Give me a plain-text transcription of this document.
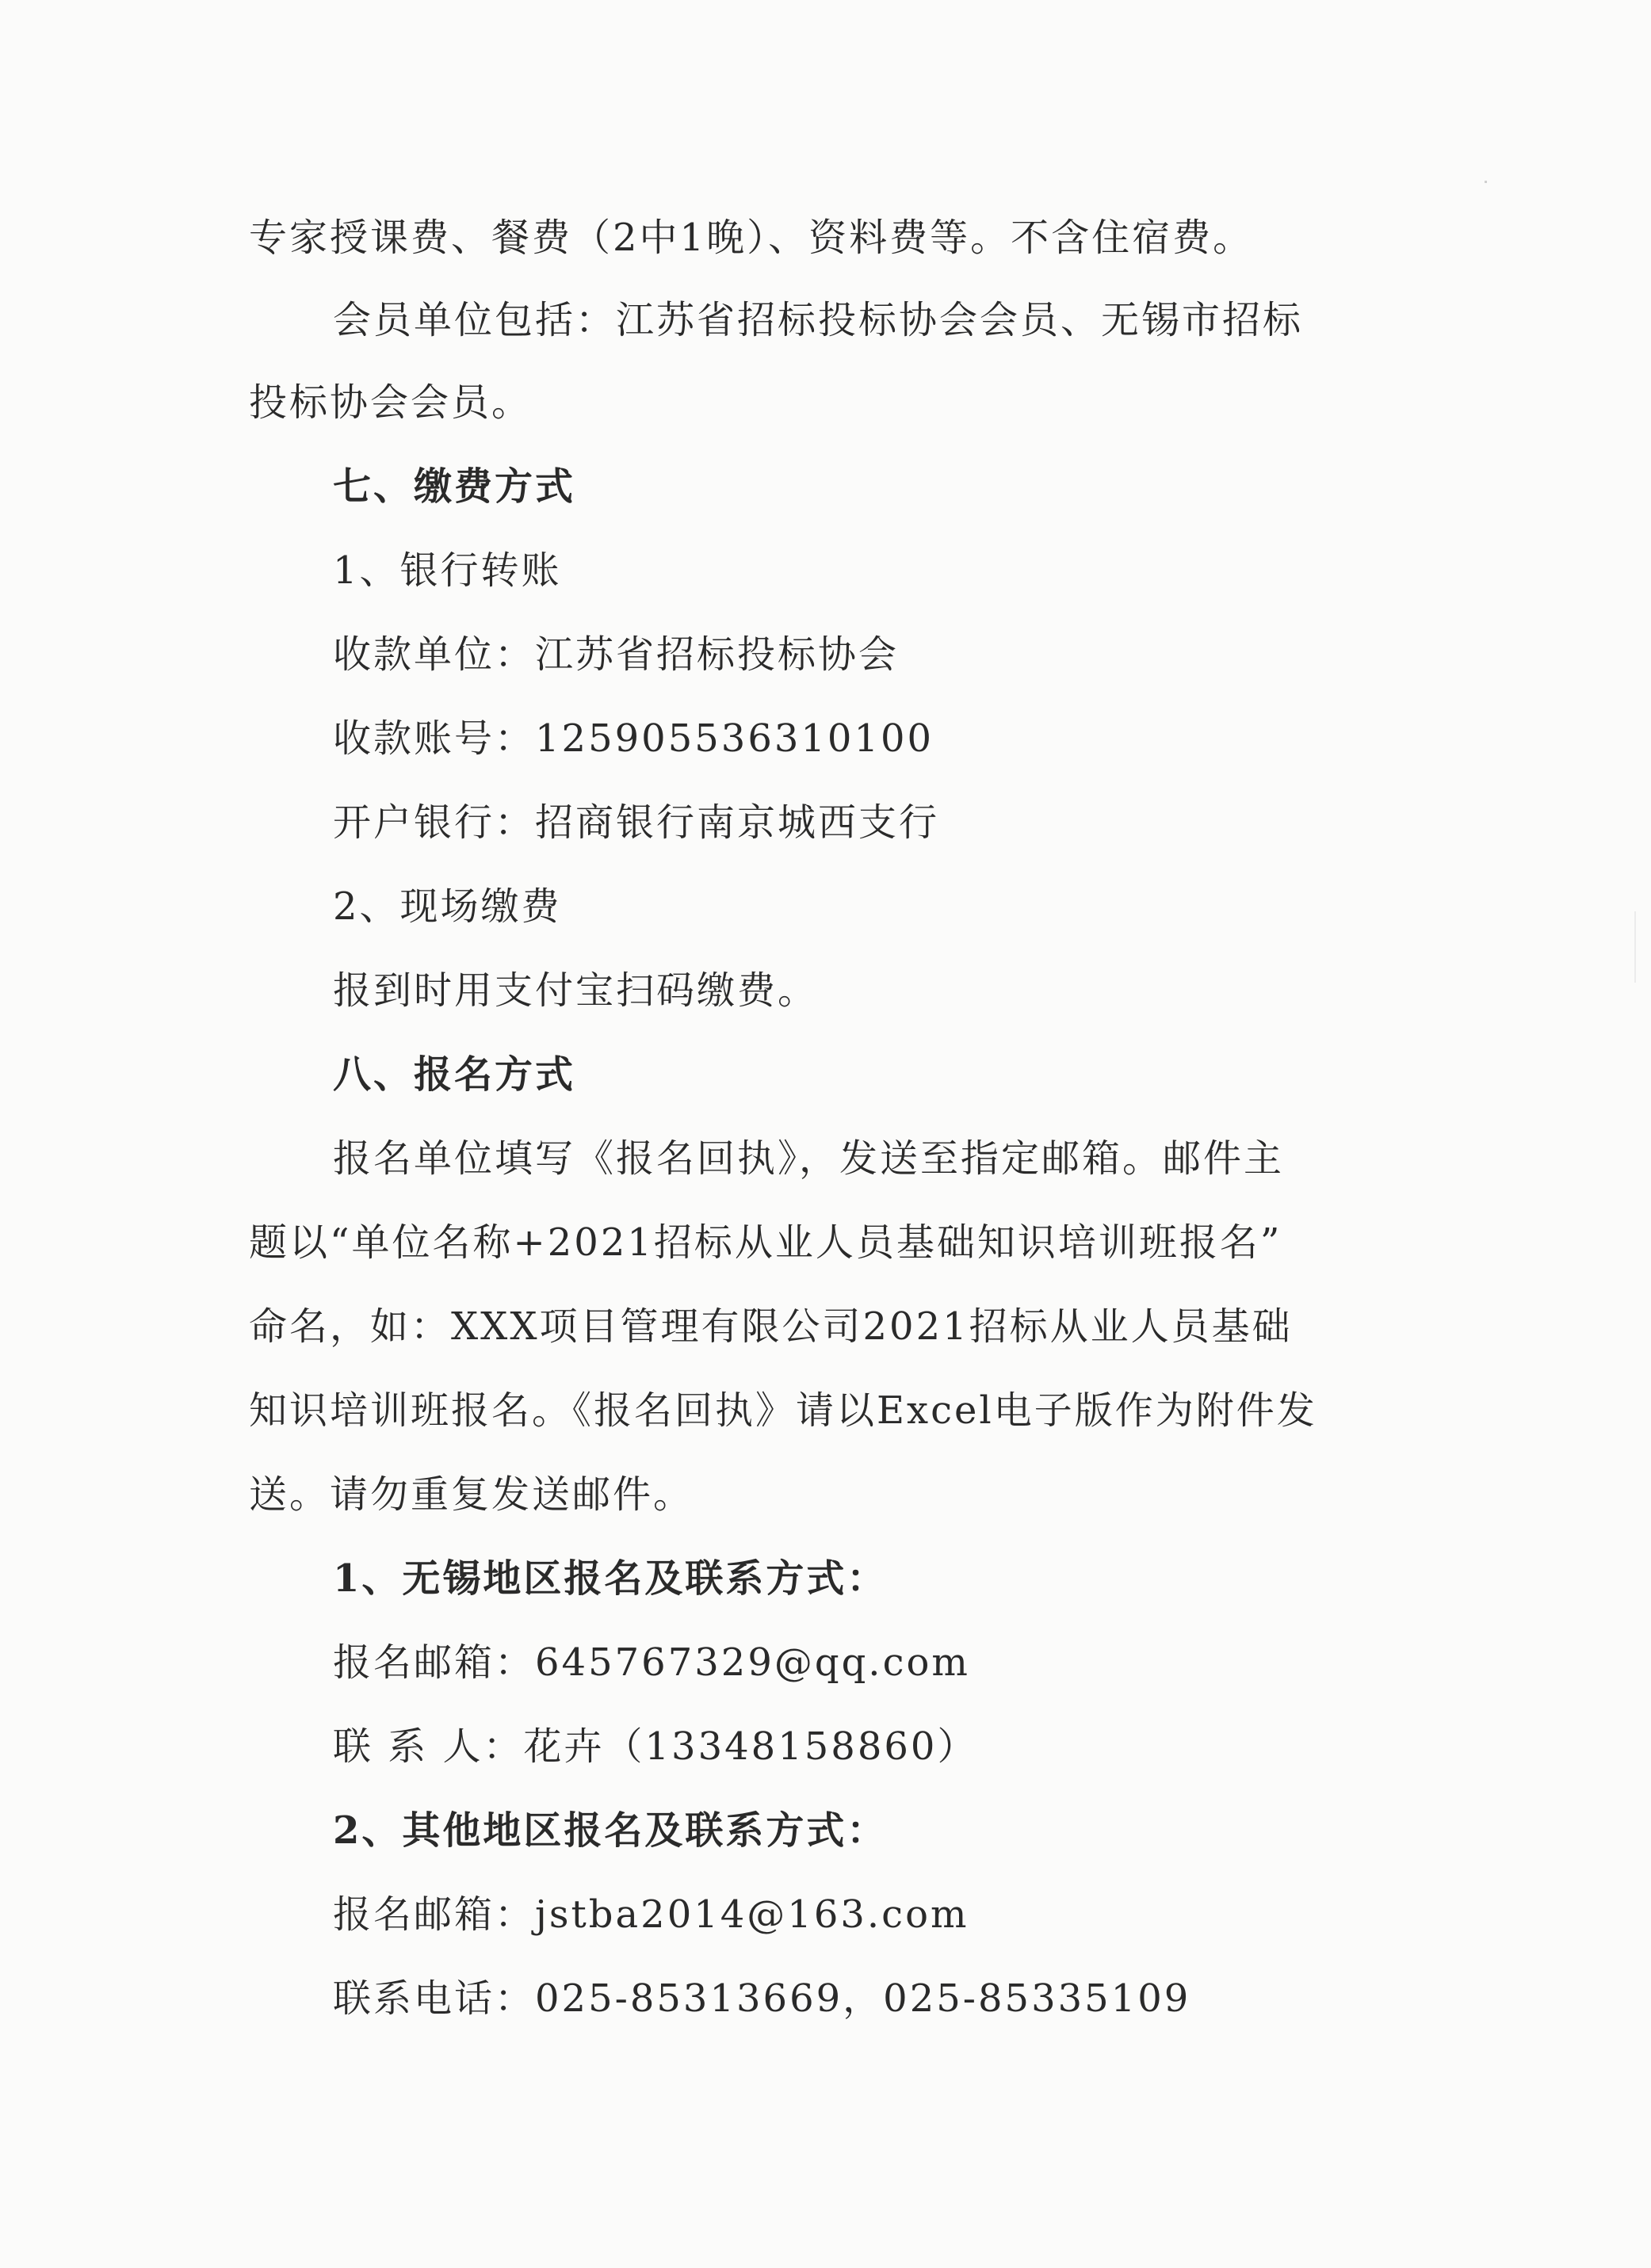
专家授课费、餐费（2中1晚）、资料费等。不含住宿费。
会员单位包括：江苏省招标投标协会会员、无锡市招标
投标协会会员。
七、缴费方式
1、银行转账
收款单位：江苏省招标投标协会
收款账号：125905536310100
开户银行：招商银行南京城西支行
2、现场缴费
报到时用支付宝扫码缴费。
八、报名方式
报名单位填写《报名回执》，发送至指定邮箱。邮件主
题以“单位名称+2021招标从业人员基础知识培训班报名”
命名，如：XXX项目管理有限公司2021招标从业人员基础
知识培训班报名。《报名回执》请以Excel电子版作为附件发
送。请勿重复发送邮件。
1、无锡地区报名及联系方式：
报名邮箱：645767329@qq.com
联 系 人：花卉（13348158860）
2、其他地区报名及联系方式：
报名邮箱：jstba2014@163.com
联系电话：025-85313669，025-85335109
